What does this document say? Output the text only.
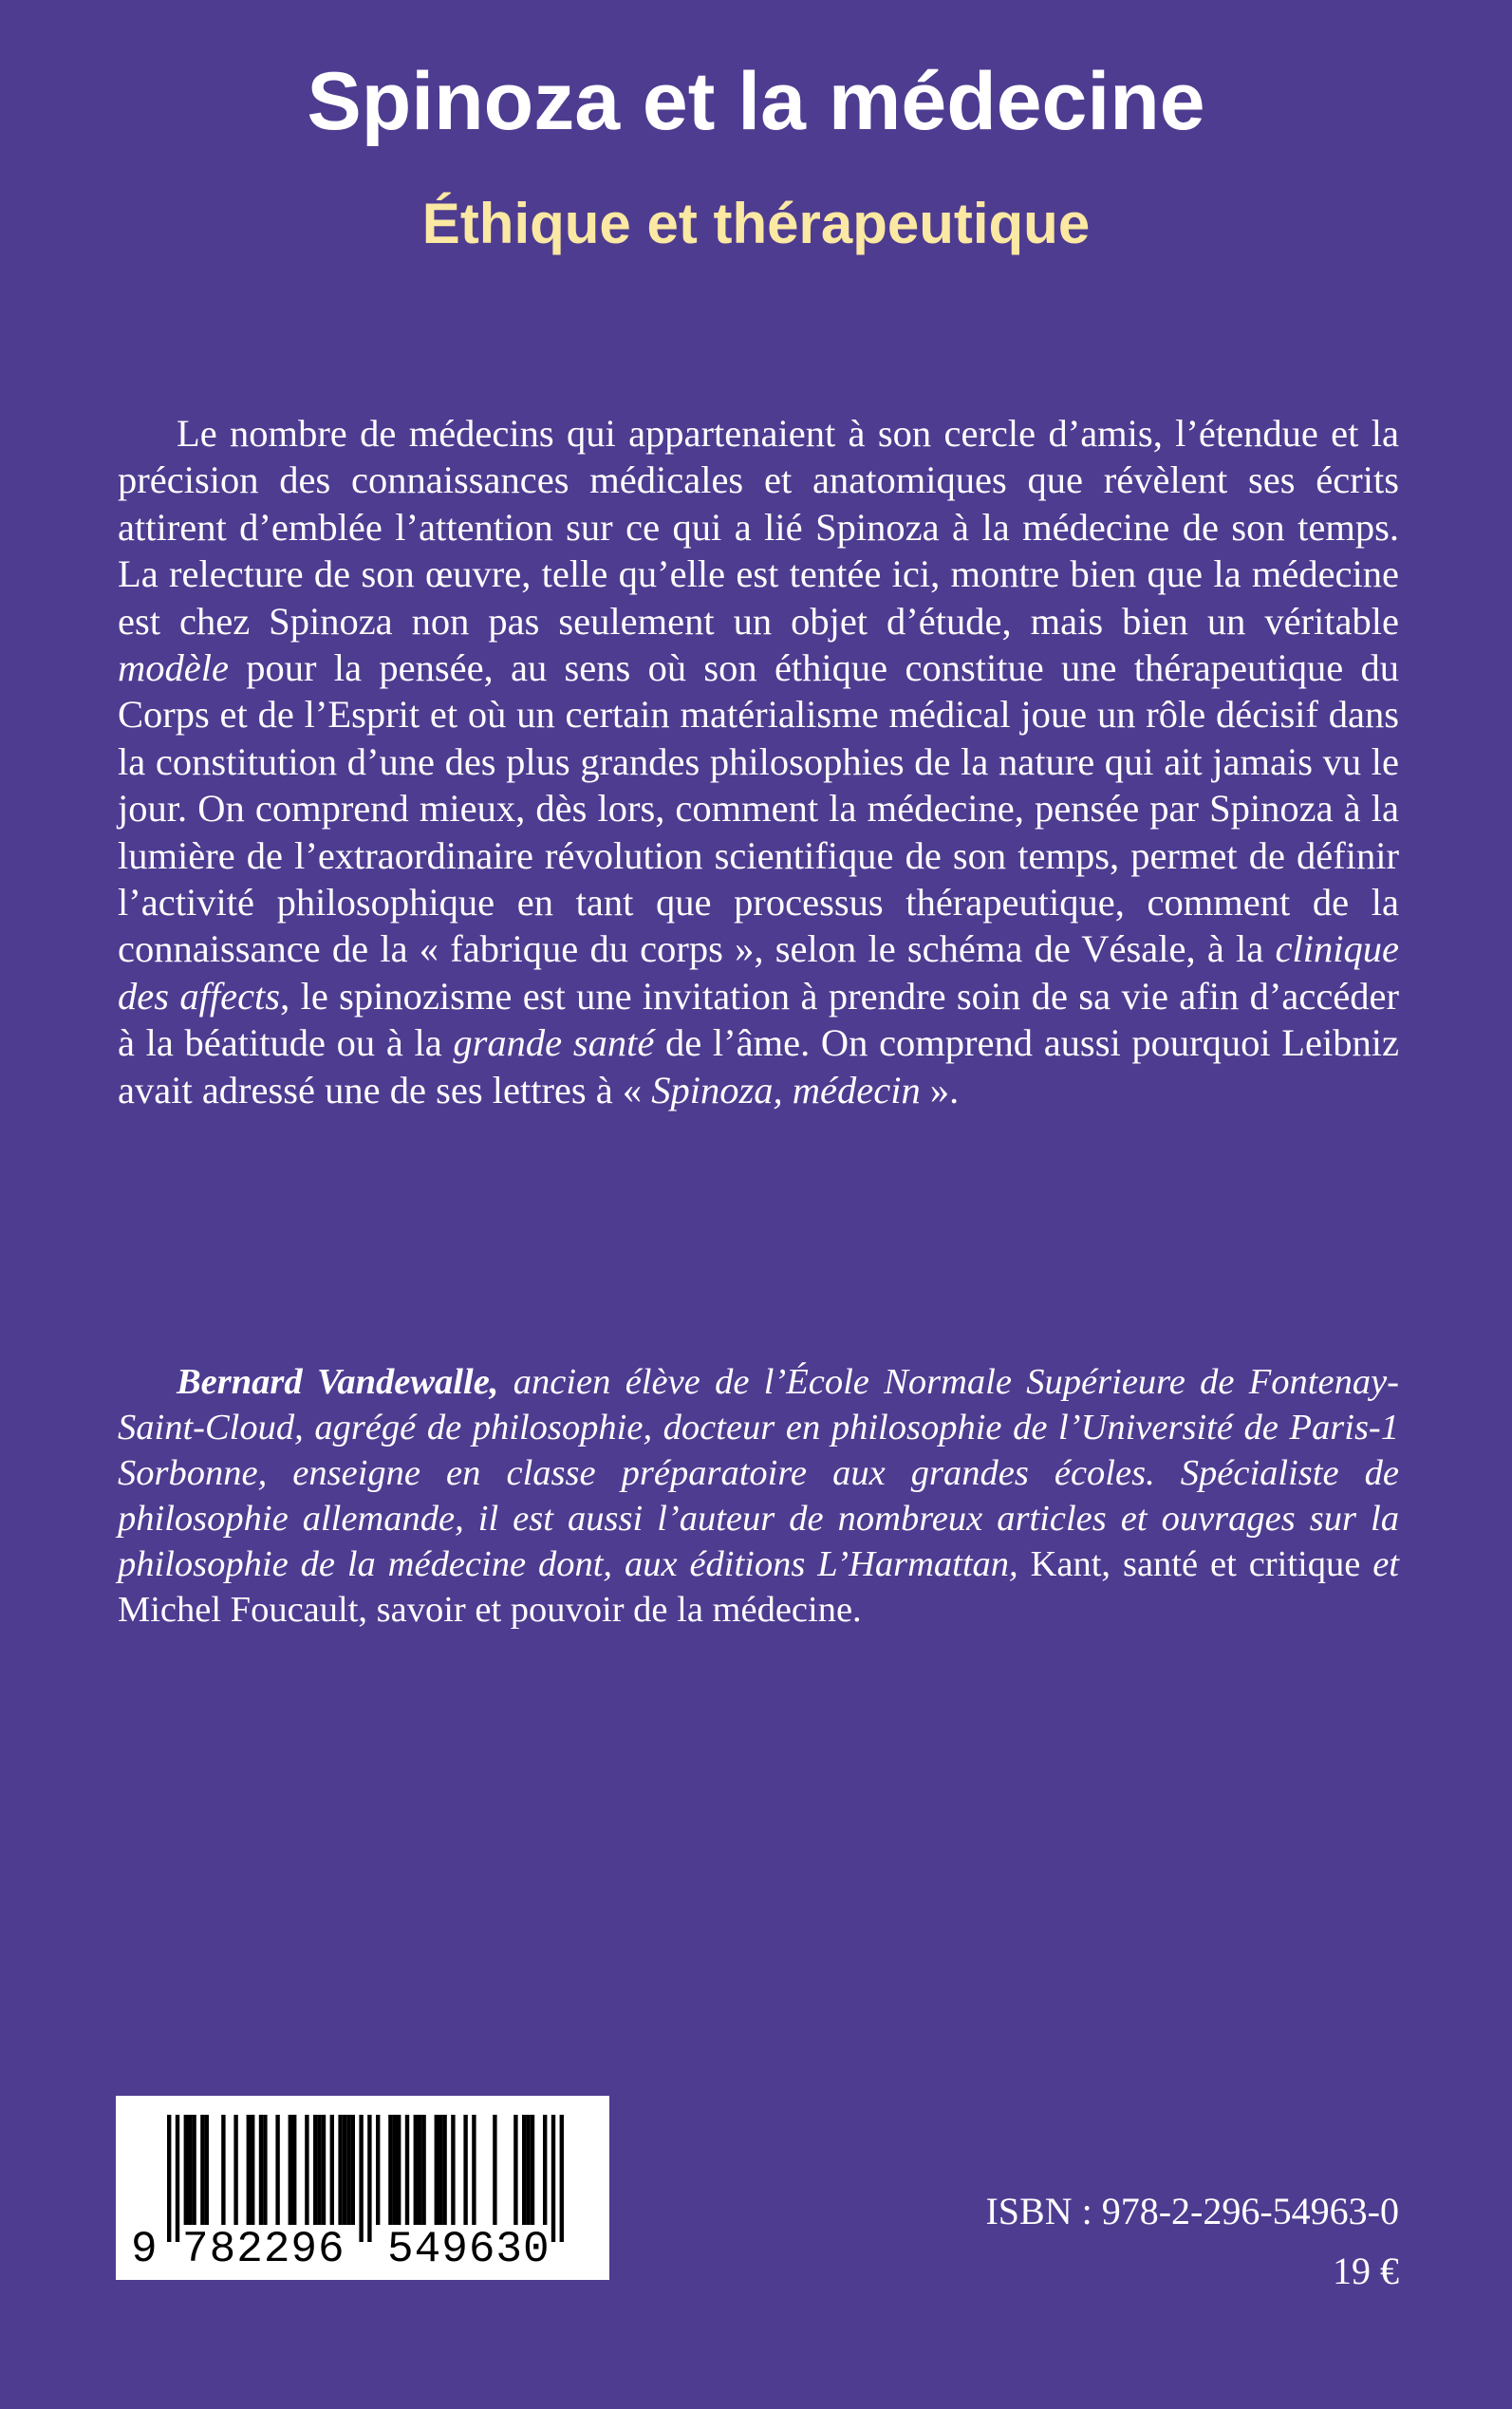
Spinoza et la médecine
Éthique et thérapeutique

Le nombre de médecins qui appartenaient à son cercle d’amis, l’étendue et la précision des connaissances médicales et anatomiques que révèlent ses écrits attirent d’emblée l’attention sur ce qui a lié Spinoza à la médecine de son temps. La relecture de son œuvre, telle qu’elle est tentée ici, montre bien que la médecine est chez Spinoza non pas seulement un objet d’étude, mais bien un véritable modèle pour la pensée, au sens où son éthique constitue une thérapeutique du Corps et de l’Esprit et où un certain matérialisme médical joue un rôle décisif dans la constitution d’une des plus grandes philosophies de la nature qui ait jamais vu le jour. On comprend mieux, dès lors, comment la médecine, pensée par Spinoza à la lumière de l’extraordinaire révolution scientifique de son temps, permet de définir l’activité philosophique en tant que processus thérapeutique, comment de la connaissance de la « fabrique du corps », selon le schéma de Vésale, à la clinique des affects, le spinozisme est une invitation à prendre soin de sa vie afin d’accéder à la béatitude ou à la grande santé de l’âme. On comprend aussi pourquoi Leibniz avait adressé une de ses lettres à « Spinoza, médecin ».

Bernard Vandewalle, ancien élève de l’École Normale Supérieure de Fontenay-Saint-Cloud, agrégé de philosophie, docteur en philosophie de l’Université de Paris-1 Sorbonne, enseigne en classe préparatoire aux grandes écoles. Spécialiste de philosophie allemande, il est aussi l’auteur de nombreux articles et ouvrages sur la philosophie de la médecine dont, aux éditions L’Harmattan, Kant, santé et critique et Michel Foucault, savoir et pouvoir de la médecine.

9 782296 549630

ISBN : 978-2-296-54963-0

19 €
